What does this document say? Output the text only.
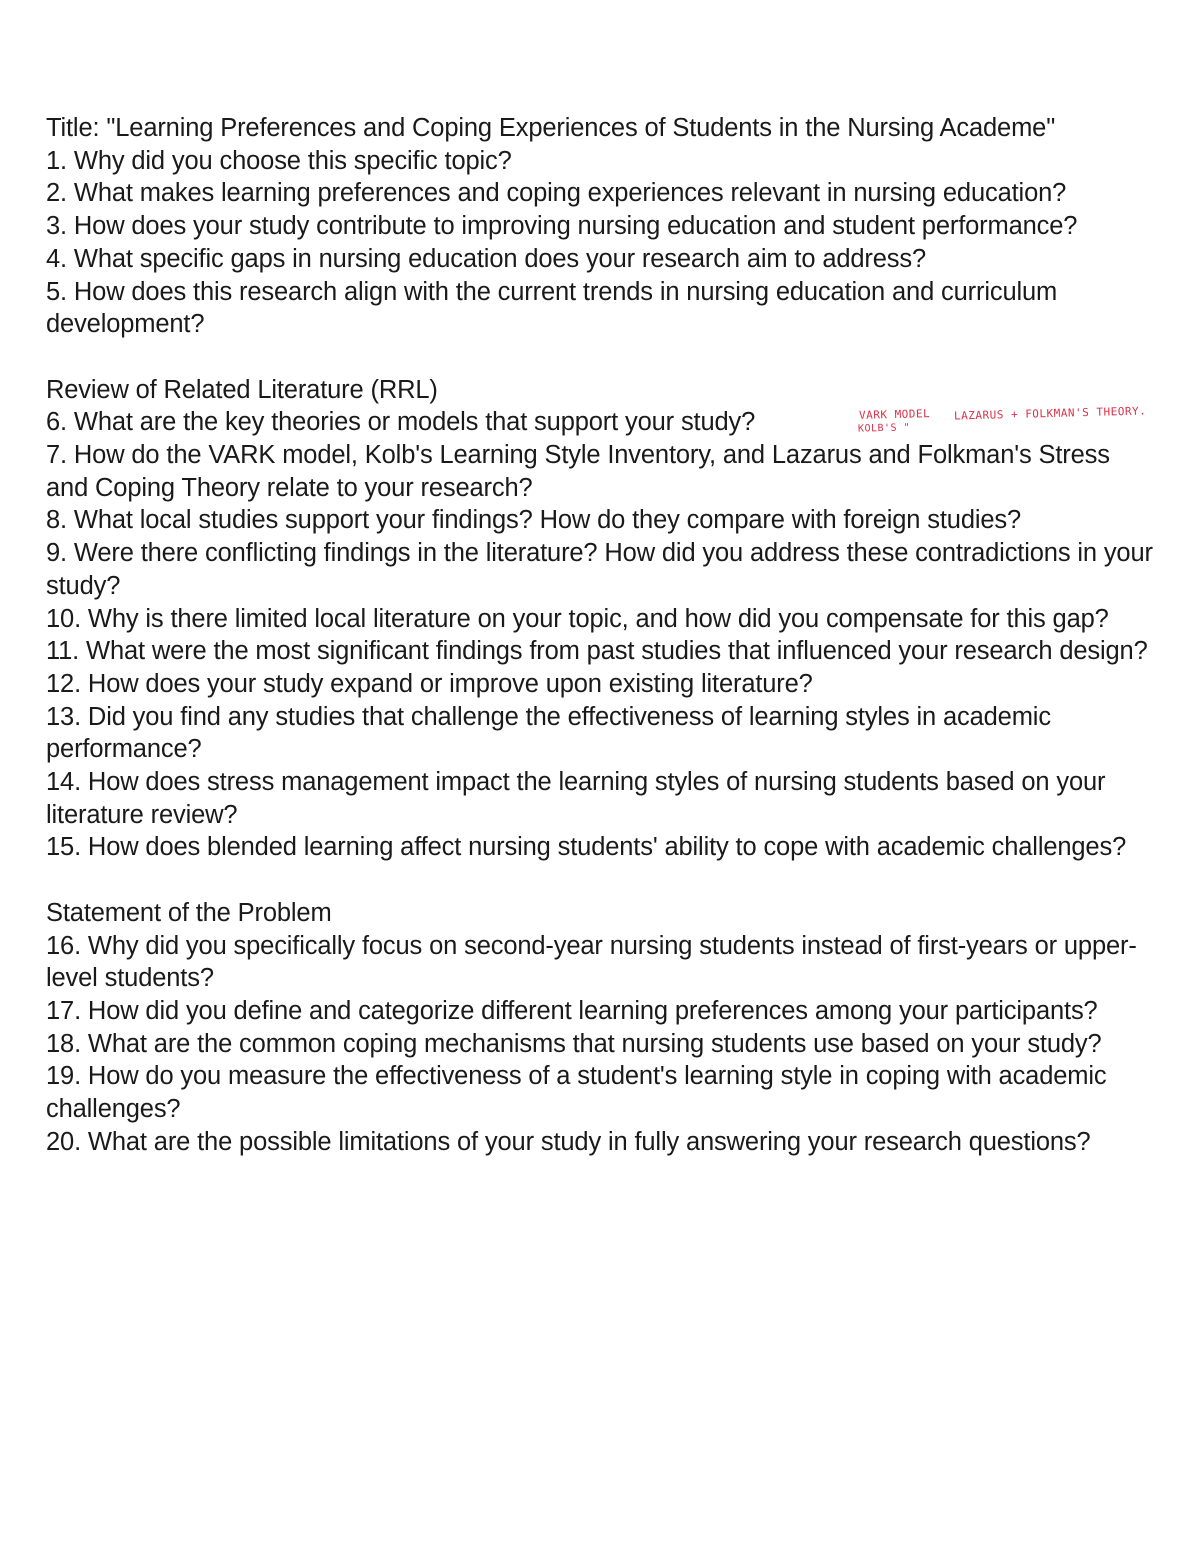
Title: "Learning Preferences and Coping Experiences of Students in the Nursing Academe"

1. Why did you choose this specific topic?

2. What makes learning preferences and coping experiences relevant in nursing education?

3. How does your study contribute to improving nursing education and student performance?

4. What specific gaps in nursing education does your research aim to address?

5. How does this research align with the current trends in nursing education and curriculum development?

Review of Related Literature (RRL)

6. What are the key theories or models that support your study?	VARK MODEL LAZARUS + FOLKMAN'S THEORY.
KOLB'S "

7. How do the VARK model, Kolb's Learning Style Inventory, and Lazarus and Folkman's Stress and Coping Theory relate to your research?

8. What local studies support your findings? How do they compare with foreign studies?

9. Were there conflicting findings in the literature? How did you address these contradictions in your study?

10. Why is there limited local literature on your topic, and how did you compensate for this gap?

11. What were the most significant findings from past studies that influenced your research design?

12. How does your study expand or improve upon existing literature?

13. Did you find any studies that challenge the effectiveness of learning styles in academic performance?

14. How does stress management impact the learning styles of nursing students based on your literature review?

15. How does blended learning affect nursing students' ability to cope with academic challenges?

Statement of the Problem

16. Why did you specifically focus on second-year nursing students instead of first-years or upper-level students?

17. How did you define and categorize different learning preferences among your participants?

18. What are the common coping mechanisms that nursing students use based on your study?

19. How do you measure the effectiveness of a student's learning style in coping with academic challenges?

20. What are the possible limitations of your study in fully answering your research questions?
